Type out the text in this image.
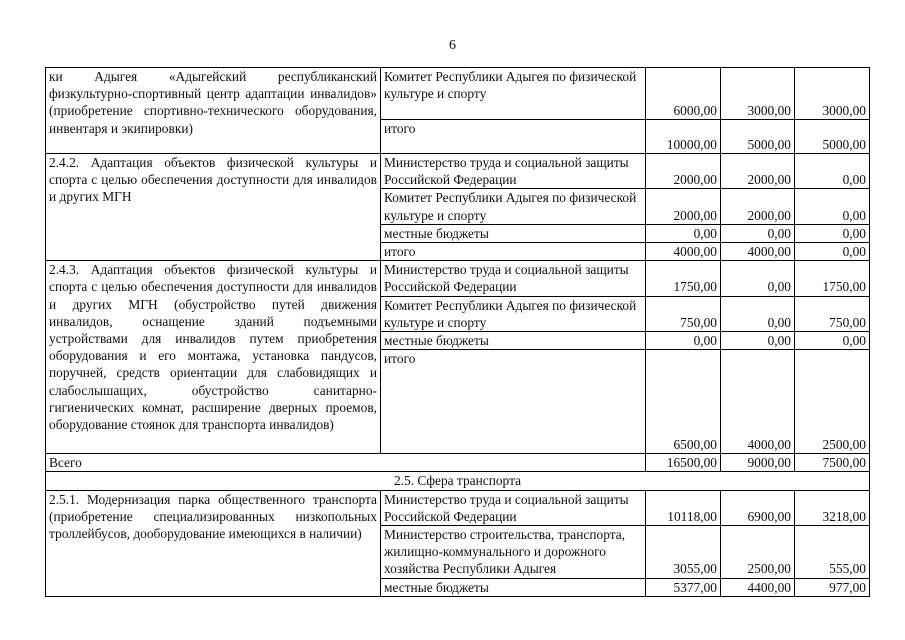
6
ки Адыгея «Адыгейский республиканский физкультурно-спортивный центр адаптации инвалидов» (приобретение спортивно-технического оборудования, инвентаря и экипировки)	Комитет Республики Адыгея по физической культуре и спорту	6000,00	3000,00	3000,00
	итого	10000,00	5000,00	5000,00
2.4.2. Адаптация объектов физической культуры и спорта с целью обеспечения доступности для инвалидов и других МГН	Министерство труда и социальной защиты Российской Федерации	2000,00	2000,00	0,00
	Комитет Республики Адыгея по физической культуре и спорту	2000,00	2000,00	0,00
	местные бюджеты	0,00	0,00	0,00
	итого	4000,00	4000,00	0,00
2.4.3. Адаптация объектов физической культуры и спорта с целью обеспечения доступности для инвалидов и других МГН (обустройство путей движения инвалидов, оснащение зданий подъемными устройствами для инвалидов путем приобретения оборудования и его монтажа, установка пандусов, поручней, средств ориентации для слабовидящих и слабослышащих, обустройство санитарно-гигиенических комнат, расширение дверных проемов, оборудование стоянок для транспорта инвалидов)	Министерство труда и социальной защиты Российской Федерации	1750,00	0,00	1750,00
	Комитет Республики Адыгея по физической культуре и спорту	750,00	0,00	750,00
	местные бюджеты	0,00	0,00	0,00
	итого	6500,00	4000,00	2500,00
Всего		16500,00	9000,00	7500,00
2.5. Сфера транспорта				
2.5.1. Модернизация парка общественного транспорта (приобретение специализированных низкопольных троллейбусов, дооборудование имеющихся в наличии)	Министерство труда и социальной защиты Российской Федерации	10118,00	6900,00	3218,00
	Министерство строительства, транспорта, жилищно-коммунального и дорожного хозяйства Республики Адыгея	3055,00	2500,00	555,00
	местные бюджеты	5377,00	4400,00	977,00
